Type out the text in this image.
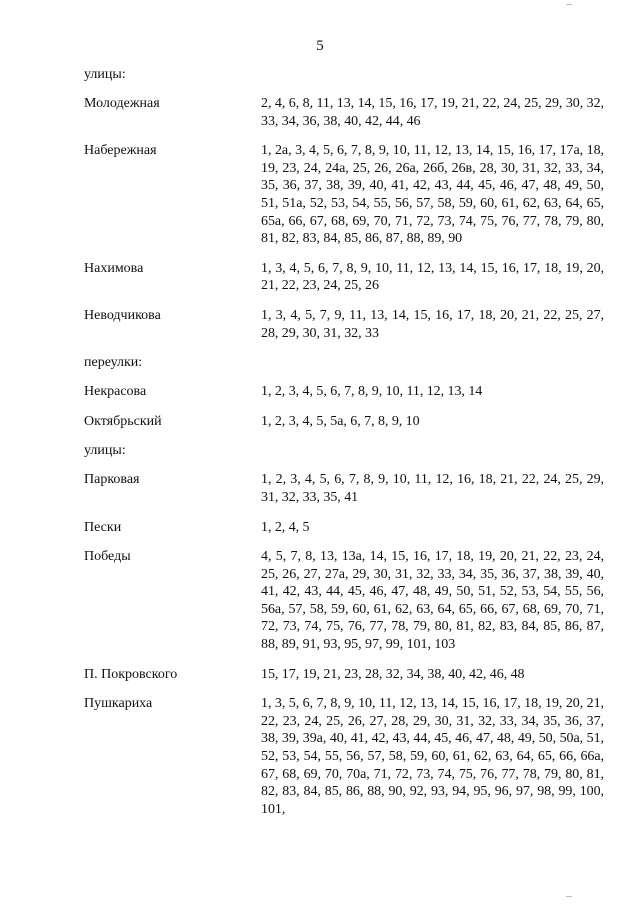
5
улицы:
Молодежная	2, 4, 6, 8, 11, 13, 14, 15, 16, 17, 19, 21, 22, 24, 25, 29, 30, 32, 33, 34, 36, 38, 40, 42, 44, 46
Набережная	1, 2а, 3, 4, 5, 6, 7, 8, 9, 10, 11, 12, 13, 14, 15, 16, 17, 17а, 18, 19, 23, 24, 24а, 25, 26, 26а, 26б, 26в, 28, 30, 31, 32, 33, 34, 35, 36, 37, 38, 39, 40, 41, 42, 43, 44, 45, 46, 47, 48, 49, 50, 51, 51а, 52, 53, 54, 55, 56, 57, 58, 59, 60, 61, 62, 63, 64, 65, 65а, 66, 67, 68, 69, 70, 71, 72, 73, 74, 75, 76, 77, 78, 79, 80, 81, 82, 83, 84, 85, 86, 87, 88, 89, 90
Нахимова	1, 3, 4, 5, 6, 7, 8, 9, 10, 11, 12, 13, 14, 15, 16, 17, 18, 19, 20, 21, 22, 23, 24, 25, 26
Неводчикова	1, 3, 4, 5, 7, 9, 11, 13, 14, 15, 16, 17, 18, 20, 21, 22, 25, 27, 28, 29, 30, 31, 32, 33
переулки:
Некрасова	1, 2, 3, 4, 5, 6, 7, 8, 9, 10, 11, 12, 13, 14
Октябрьский	1, 2, 3, 4, 5, 5а, 6, 7, 8, 9, 10
улицы:
Парковая	1, 2, 3, 4, 5, 6, 7, 8, 9, 10, 11, 12, 16, 18, 21, 22, 24, 25, 29, 31, 32, 33, 35, 41
Пески	1, 2, 4, 5
Победы	4, 5, 7, 8, 13, 13а, 14, 15, 16, 17, 18, 19, 20, 21, 22, 23, 24, 25, 26, 27, 27а, 29, 30, 31, 32, 33, 34, 35, 36, 37, 38, 39, 40, 41, 42, 43, 44, 45, 46, 47, 48, 49, 50, 51, 52, 53, 54, 55, 56, 56а, 57, 58, 59, 60, 61, 62, 63, 64, 65, 66, 67, 68, 69, 70, 71, 72, 73, 74, 75, 76, 77, 78, 79, 80, 81, 82, 83, 84, 85, 86, 87, 88, 89, 91, 93, 95, 97, 99, 101, 103
П. Покровского	15, 17, 19, 21, 23, 28, 32, 34, 38, 40, 42, 46, 48
Пушкариха	1, 3, 5, 6, 7, 8, 9, 10, 11, 12, 13, 14, 15, 16, 17, 18, 19, 20, 21, 22, 23, 24, 25, 26, 27, 28, 29, 30, 31, 32, 33, 34, 35, 36, 37, 38, 39, 39а, 40, 41, 42, 43, 44, 45, 46, 47, 48, 49, 50, 50а, 51, 52, 53, 54, 55, 56, 57, 58, 59, 60, 61, 62, 63, 64, 65, 66, 66а, 67, 68, 69, 70, 70а, 71, 72, 73, 74, 75, 76, 77, 78, 79, 80, 81, 82, 83, 84, 85, 86, 88, 90, 92, 93, 94, 95, 96, 97, 98, 99, 100, 101,
